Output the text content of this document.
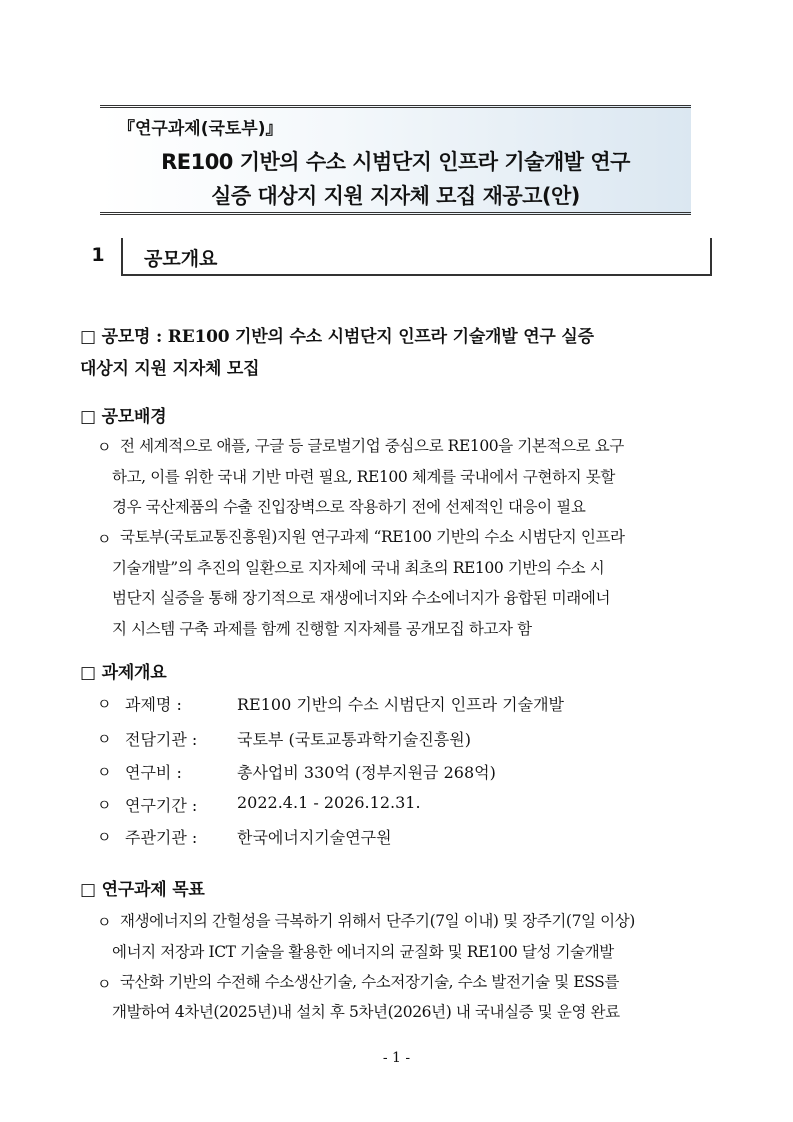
『연구과제(국토부)』
RE100 기반의 수소 시범단지 인프라 기술개발 연구
실증 대상지 지원 지자체 모집 재공고(안)
1	공모개요
□ 공모명 : RE100 기반의 수소 시범단지 인프라 기술개발 연구 실증
대상지 지원 지자체 모집
□ 공모배경
ㅇ 전 세계적으로 애플, 구글 등 글로벌기업 중심으로 RE100을 기본적으로 요구
하고, 이를 위한 국내 기반 마련 필요, RE100 체계를 국내에서 구현하지 못할
경우 국산제품의 수출 진입장벽으로 작용하기 전에 선제적인 대응이 필요
ㅇ 국토부(국토교통진흥원)지원 연구과제 “RE100 기반의 수소 시범단지 인프라
기술개발”의 추진의 일환으로 지자체에 국내 최초의 RE100 기반의 수소 시
범단지 실증을 통해 장기적으로 재생에너지와 수소에너지가 융합된 미래에너
지 시스템 구축 과제를 함께 진행할 지자체를 공개모집 하고자 함
□ 과제개요
ㅇ 과제명 :	RE100 기반의 수소 시범단지 인프라 기술개발
ㅇ 전담기관 : 국토부 (국토교통과학기술진흥원)
ㅇ 연구비 :	총사업비 330억 (정부지원금 268억)
ㅇ 연구기간 : 2022.4.1 - 2026.12.31.
ㅇ 주관기관 : 한국에너지기술연구원
□ 연구과제 목표
ㅇ 재생에너지의 간헐성을 극복하기 위해서 단주기(7일 이내) 및 장주기(7일 이상)
에너지 저장과 ICT 기술을 활용한 에너지의 균질화 및 RE100 달성 기술개발
ㅇ 국산화 기반의 수전해 수소생산기술, 수소저장기술, 수소 발전기술 및 ESS를
개발하여 4차년(2025년)내 설치 후 5차년(2026년) 내 국내실증 및 운영 완료
- 1 -
